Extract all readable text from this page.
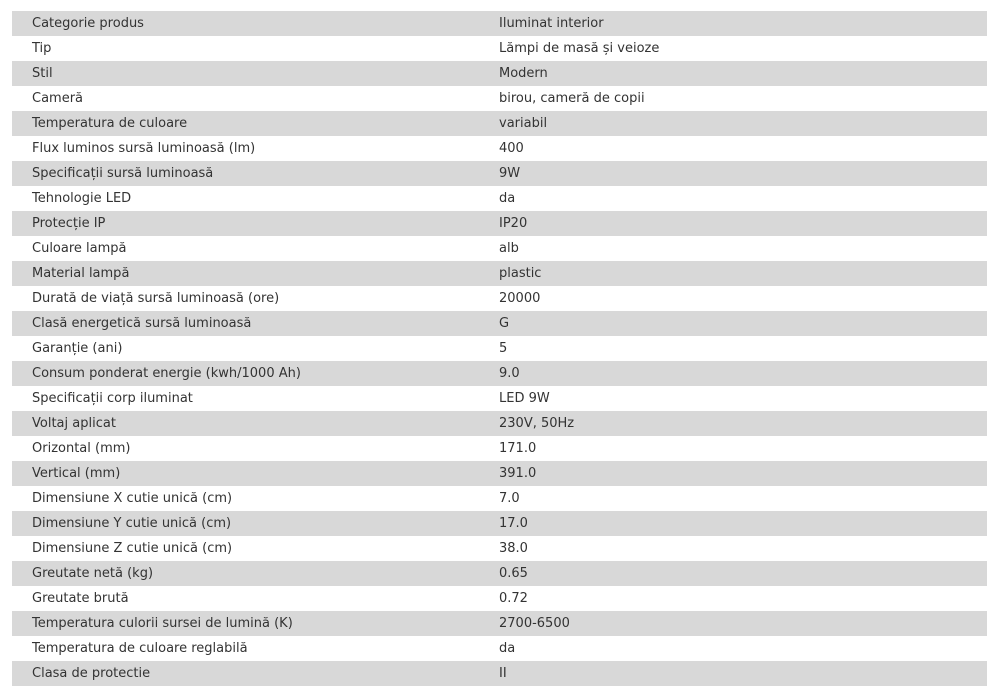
Categorie produs	Iluminat interior
Tip	Lămpi de masă și veioze
Stil	Modern
Cameră	birou, cameră de copii
Temperatura de culoare	variabil
Flux luminos sursă luminoasă (lm)	400
Specificații sursă luminoasă	9W
Tehnologie LED	da
Protecție IP	IP20
Culoare lampă	alb
Material lampă	plastic
Durată de viață sursă luminoasă (ore)	20000
Clasă energetică sursă luminoasă	G
Garanție (ani)	5
Consum ponderat energie (kwh/1000 Ah)	9.0
Specificații corp iluminat	LED 9W
Voltaj aplicat	230V, 50Hz
Orizontal (mm)	171.0
Vertical (mm)	391.0
Dimensiune X cutie unică (cm)	7.0
Dimensiune Y cutie unică (cm)	17.0
Dimensiune Z cutie unică (cm)	38.0
Greutate netă (kg)	0.65
Greutate brută	0.72
Temperatura culorii sursei de lumină (K)	2700-6500
Temperatura de culoare reglabilă	da
Clasa de protectie	II
